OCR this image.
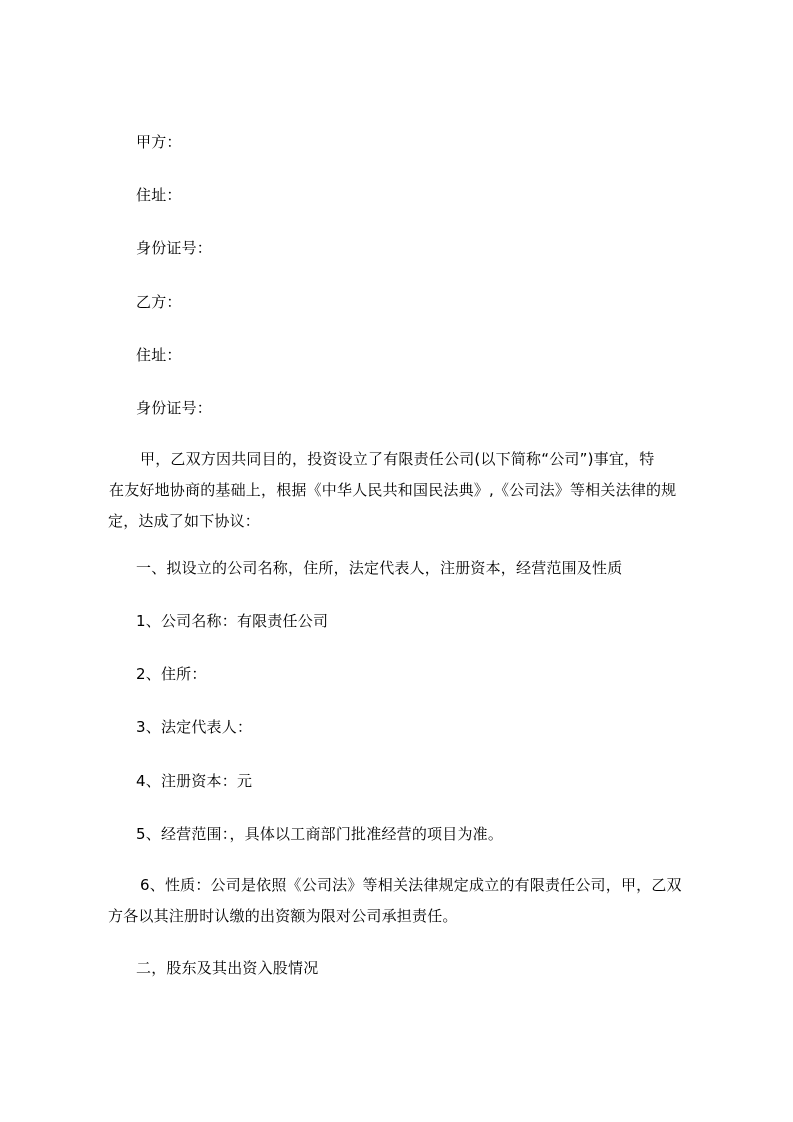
甲方：
住址：
身份证号：
乙方：
住址：
身份证号：
甲，乙双方因共同目的，投资设立了有限责任公司(以下简称“公司”)事宜，特
在友好地协商的基础上，根据《中华人民共和国民法典》,《公司法》等相关法律的规
定，达成了如下协议：
一、拟设立的公司名称，住所，法定代表人，注册资本，经营范围及性质
1、公司名称：有限责任公司
2、住所：
3、法定代表人：
4、注册资本：元
5、经营范围：，具体以工商部门批准经营的项目为准。
6、性质：公司是依照《公司法》等相关法律规定成立的有限责任公司，甲，乙双
方各以其注册时认缴的出资额为限对公司承担责任。
二，股东及其出资入股情况
